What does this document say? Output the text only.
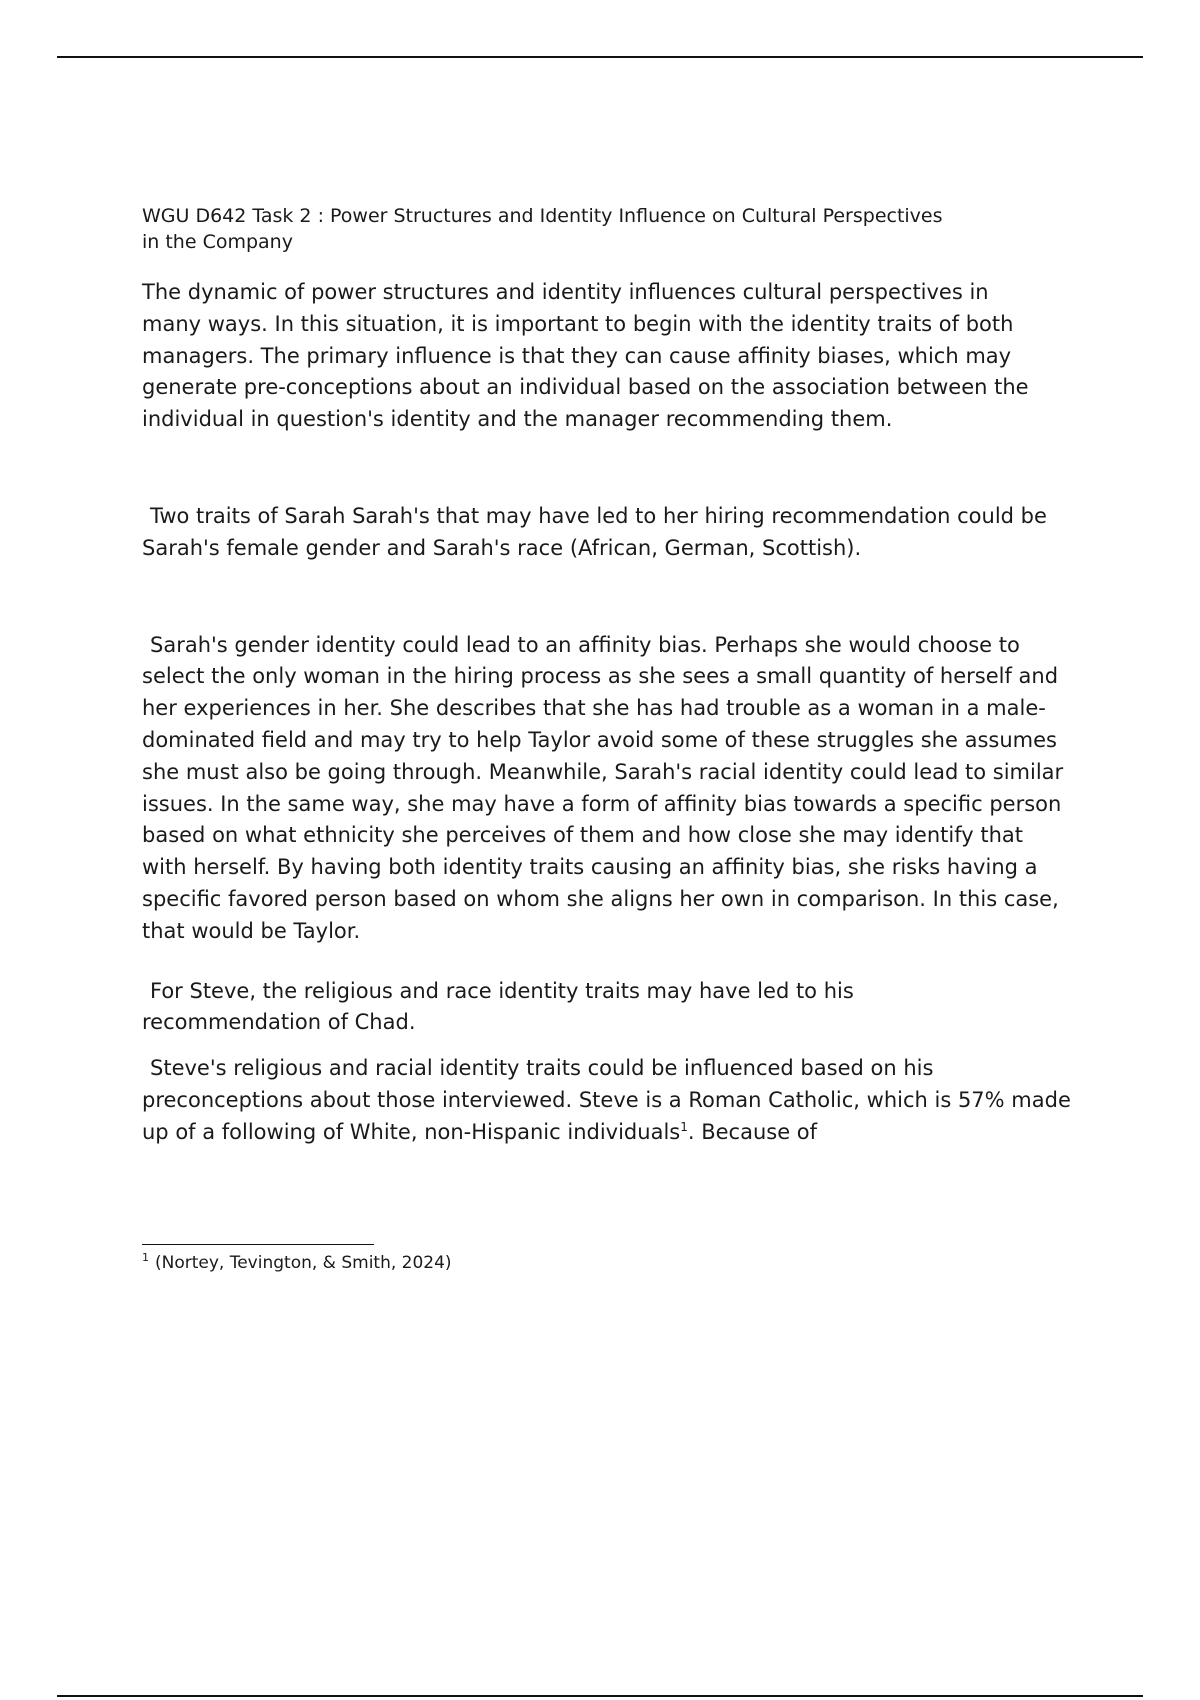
WGU D642 Task 2 : Power Structures and Identity Influence on Cultural Perspectives in the Company

The dynamic of power structures and identity influences cultural perspectives in many ways. In this situation, it is important to begin with the identity traits of both managers. The primary influence is that they can cause afﬁnity biases, which may generate pre-conceptions about an individual based on the association between the individual in question's identity and the manager recommending them.

Two traits of Sarah Sarah's that may have led to her hiring recommendation could be Sarah's female gender and Sarah's race (African, German, Scottish).

Sarah's gender identity could lead to an afﬁnity bias. Perhaps she would choose to select the only woman in the hiring process as she sees a small quantity of herself and her experiences in her. She describes that she has had trouble as a woman in a male-dominated field and may try to help Taylor avoid some of these struggles she assumes she must also be going through. Meanwhile, Sarah's racial identity could lead to similar issues. In the same way, she may have a form of afﬁnity bias towards a specific person based on what ethnicity she perceives of them and how close she may identify that with herself. By having both identity traits causing an afﬁnity bias, she risks having a specific favored person based on whom she aligns her own in comparison. In this case, that would be Taylor.

For Steve, the religious and race identity traits may have led to his recommendation of Chad.

Steve's religious and racial identity traits could be influenced based on his preconceptions about those interviewed. Steve is a Roman Catholic, which is 57% made up of a following of White, non-Hispanic individuals$^1$. Because of

$^1$ (Nortey, Tevington, & Smith, 2024)
